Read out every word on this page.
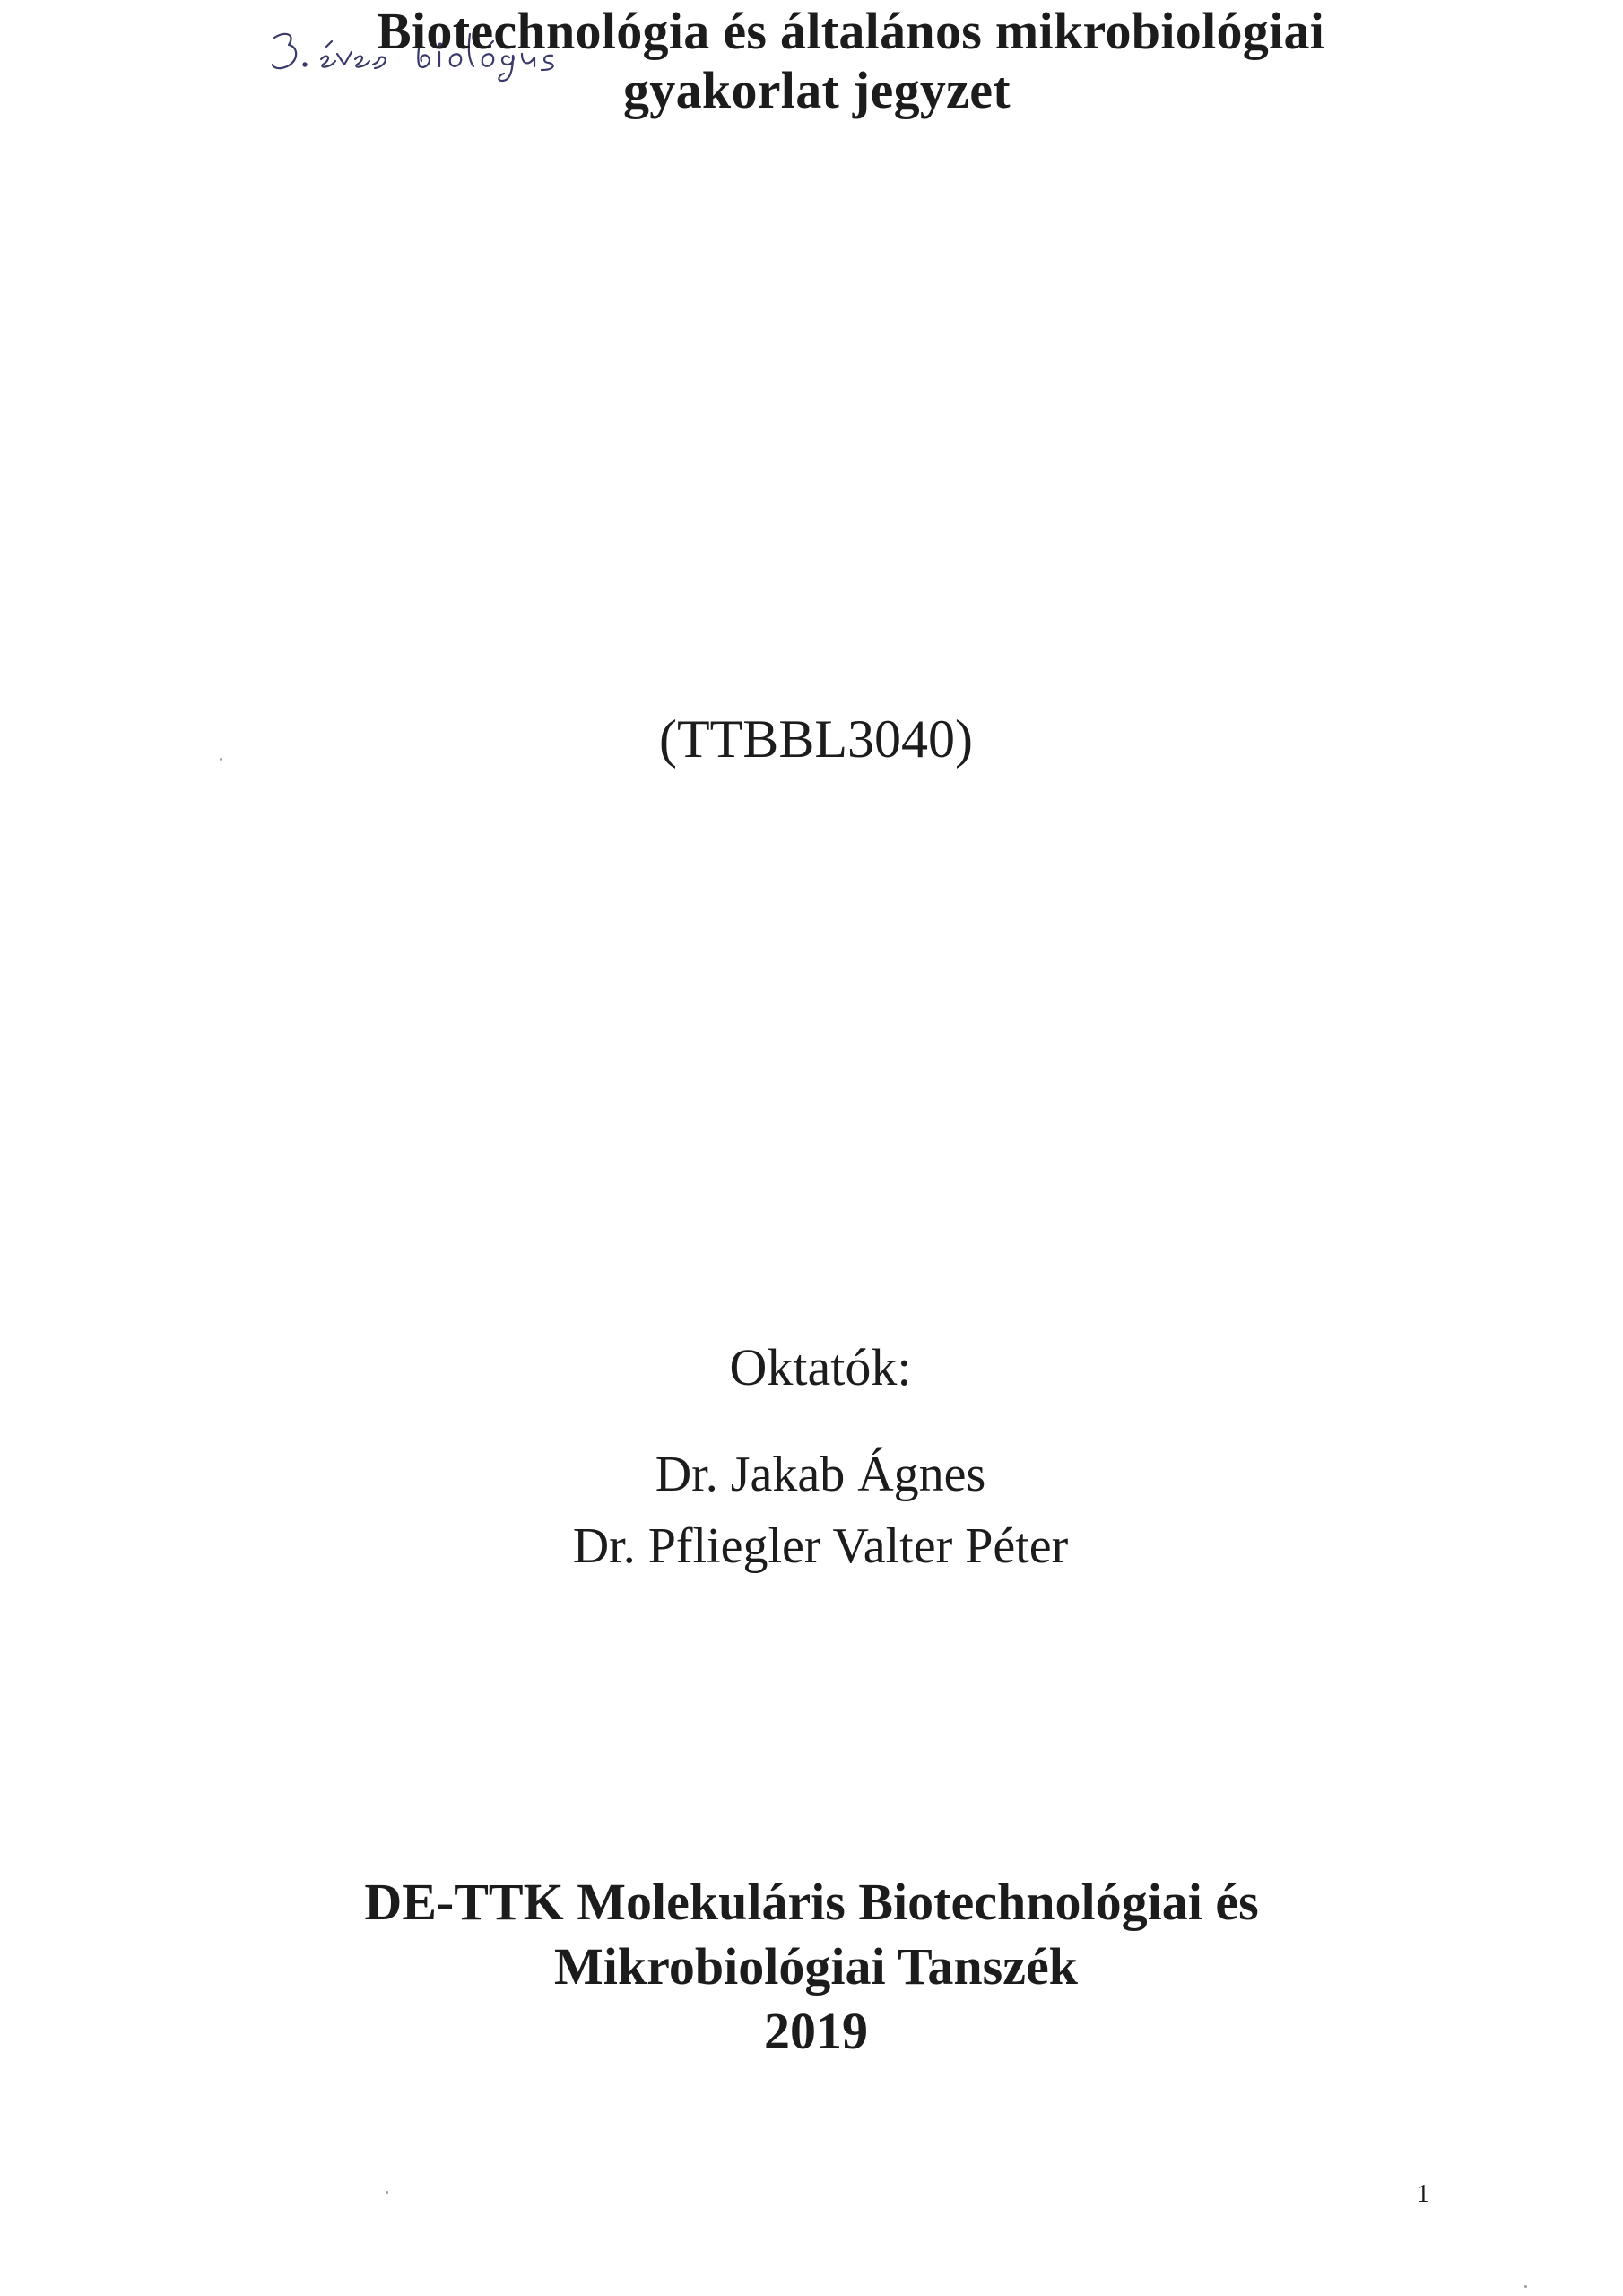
Biotechnológia és általános mikrobiológiai
gyakorlat jegyzet
(TTBBL3040)
Oktatók:
Dr. Jakab Ágnes
Dr. Pfliegler Valter Péter
DE-TTK Molekuláris Biotechnológiai és
Mikrobiológiai Tanszék
2019
1
